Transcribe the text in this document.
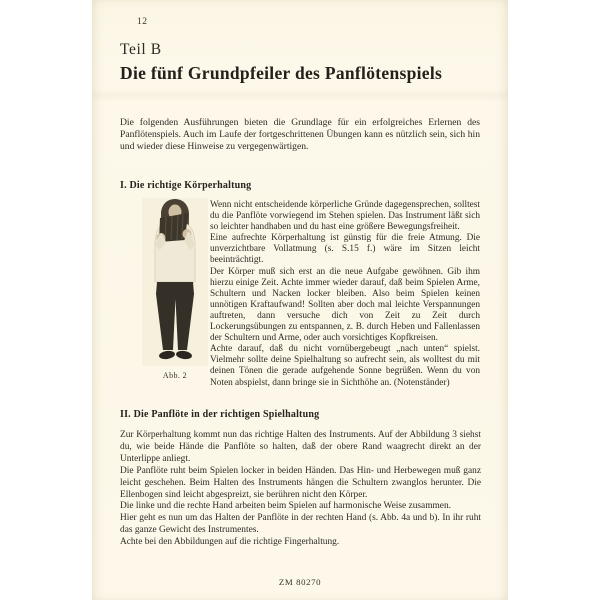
12
Teil B
Die fünf Grundpfeiler des Panflötenspiels

Die folgenden Ausführungen bieten die Grundlage für ein erfolgreiches Erlernen des Panflötenspiels. Auch im Laufe der fortgeschrittenen Übungen kann es nützlich sein, sich hin und wieder diese Hinweise zu vergegenwärtigen.

I. Die richtige Körperhaltung
Abb. 2

Wenn nicht entscheidende körperliche Gründe dagegensprechen, solltest du die Panflöte vorwiegend im Stehen spielen. Das Instrument läßt sich so leichter handhaben und du hast eine größere Bewegungsfreiheit.

Eine aufrechte Körperhaltung ist günstig für die freie Atmung. Die unverzichtbare Vollatmung (s. S.15 f.) wäre im Sitzen leicht beeinträchtigt.

Der Körper muß sich erst an die neue Aufgabe gewöhnen. Gib ihm hierzu einige Zeit. Achte immer wieder darauf, daß beim Spielen Arme, Schultern und Nacken locker bleiben. Also beim Spielen keinen unnötigen Kraftaufwand! Sollten aber doch mal leichte Verspannungen auftreten, dann versuche dich von Zeit zu Zeit durch Lockerungsübungen zu entspannen, z. B. durch Heben und Fallenlassen der Schultern und Arme, oder auch vorsichtiges Kopfkreisen.

Achte darauf, daß du nicht vornübergebeugt „nach unten“ spielst. Vielmehr sollte deine Spielhaltung so aufrecht sein, als wolltest du mit deinen Tönen die gerade aufgehende Sonne begrüßen. Wenn du von Noten abspielst, dann bringe sie in Sichthöhe an. (Notenständer)

II. Die Panflöte in der richtigen Spielhaltung

Zur Körperhaltung kommt nun das richtige Halten des Instruments. Auf der Abbildung 3 siehst du, wie beide Hände die Panflöte so halten, daß der obere Rand waagrecht direkt an der Unterlippe anliegt.

Die Panflöte ruht beim Spielen locker in beiden Händen. Das Hin- und Herbewegen muß ganz leicht geschehen. Beim Halten des Instruments hängen die Schultern zwanglos herunter. Die Ellenbogen sind leicht abgespreizt, sie berühren nicht den Körper.

Die linke und die rechte Hand arbeiten beim Spielen auf harmonische Weise zusammen.

Hier geht es nun um das Halten der Panflöte in der rechten Hand (s. Abb. 4a und b). In ihr ruht das ganze Gewicht des Instrumentes.

Achte bei den Abbildungen auf die richtige Fingerhaltung.

ZM 80270
